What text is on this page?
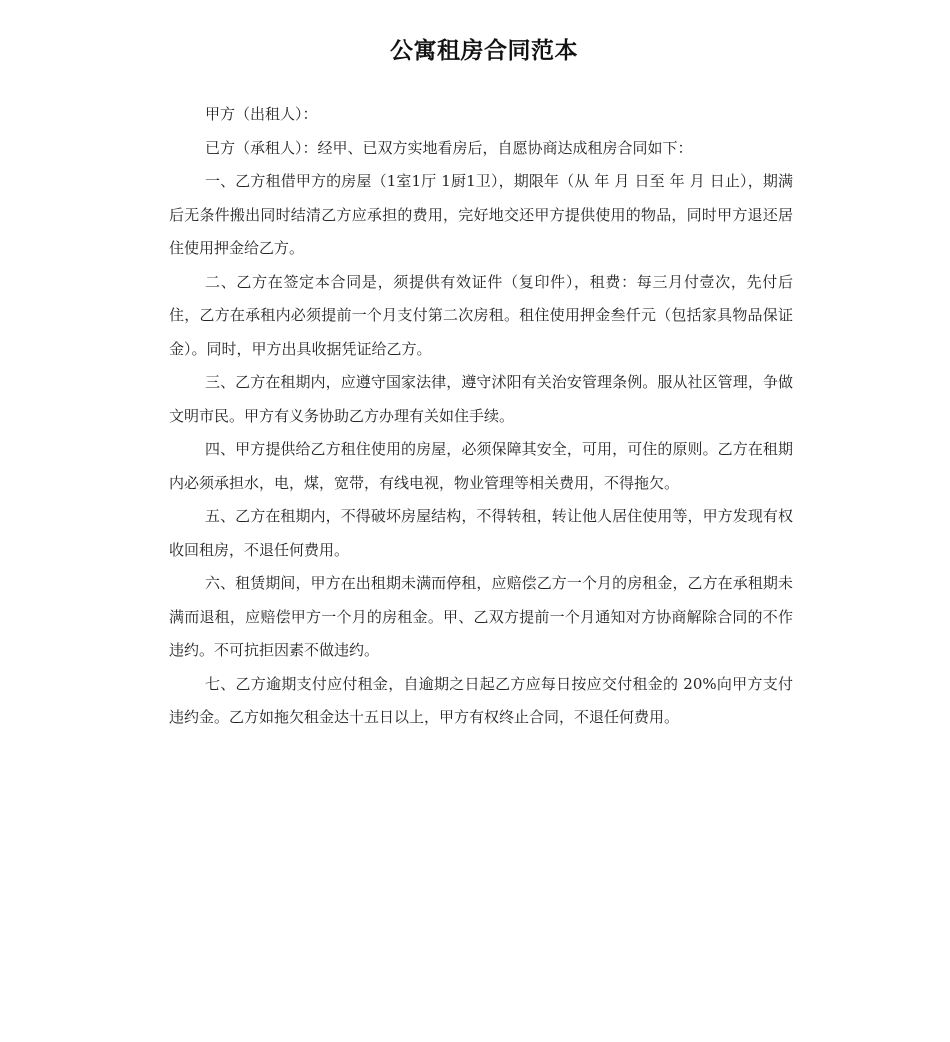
公寓租房合同范本

甲方（出租人）：

已方（承租人）：经甲、已双方实地看房后，自愿协商达成租房合同如下：

一、乙方租借甲方的房屋（1室1厅 1厨1卫），期限年（从 年 月 日至 年 月 日止），期满后无条件搬出同时结清乙方应承担的费用，完好地交还甲方提供使用的物品，同时甲方退还居住使用押金给乙方。

二、乙方在签定本合同是，须提供有效证件（复印件），租费：每三月付壹次，先付后住，乙方在承租内必须提前一个月支付第二次房租。租住使用押金叁仟元（包括家具物品保证金）。同时，甲方出具收据凭证给乙方。

三、乙方在租期内，应遵守国家法律，遵守沭阳有关治安管理条例。服从社区管理，争做文明市民。甲方有义务协助乙方办理有关如住手续。

四、甲方提供给乙方租住使用的房屋，必须保障其安全，可用，可住的原则。乙方在租期内必须承担水，电，煤，宽带，有线电视，物业管理等相关费用，不得拖欠。

五、乙方在租期内，不得破坏房屋结构，不得转租，转让他人居住使用等，甲方发现有权收回租房，不退任何费用。

六、租赁期间，甲方在出租期未满而停租，应赔偿乙方一个月的房租金，乙方在承租期未满而退租，应赔偿甲方一个月的房租金。甲、乙双方提前一个月通知对方协商解除合同的不作违约。不可抗拒因素不做违约。

七、乙方逾期支付应付租金，自逾期之日起乙方应每日按应交付租金的 20%向甲方支付违约金。乙方如拖欠租金达十五日以上，甲方有权终止合同，不退任何费用。
